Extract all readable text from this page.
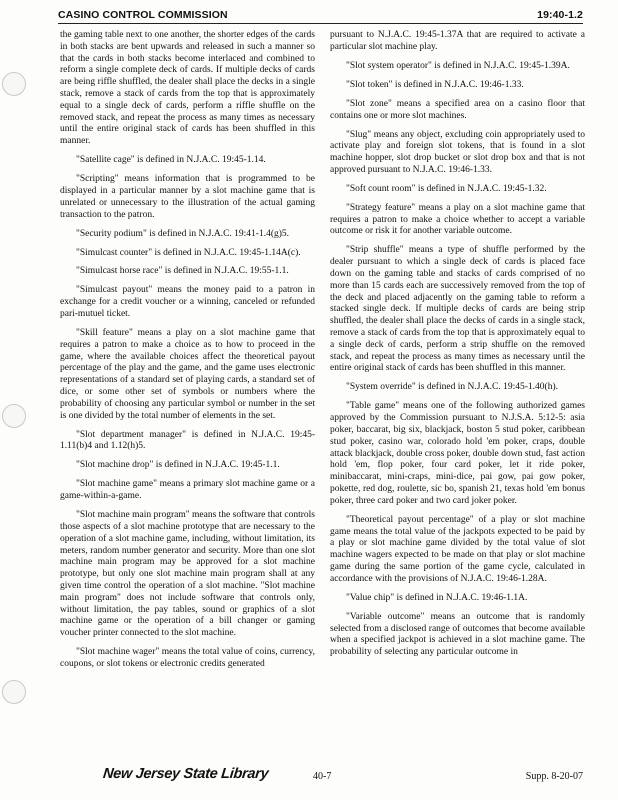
CASINO CONTROL COMMISSION	19:40-1.2

the gaming table next to one another, the shorter edges of the cards in both stacks are bent upwards and released in such a manner so that the cards in both stacks become interlaced and combined to reform a single complete deck of cards. If multiple decks of cards are being riffle shuffled, the dealer shall place the decks in a single stack, remove a stack of cards from the top that is approximately equal to a single deck of cards, perform a riffle shuffle on the removed stack, and repeat the process as many times as necessary until the entire original stack of cards has been shuffled in this manner.

"Satellite cage" is defined in N.J.A.C. 19:45-1.14.

"Scripting" means information that is programmed to be displayed in a particular manner by a slot machine game that is unrelated or unnecessary to the illustration of the actual gaming transaction to the patron.

"Security podium" is defined in N.J.A.C. 19:41-1.4(g)5.

"Simulcast counter" is defined in N.J.A.C. 19:45-1.14A(c).

"Simulcast horse race" is defined in N.J.A.C. 19:55-1.1.

"Simulcast payout" means the money paid to a patron in exchange for a credit voucher or a winning, canceled or refunded pari-mutuel ticket.

"Skill feature" means a play on a slot machine game that requires a patron to make a choice as to how to proceed in the game, where the available choices affect the theoretical payout percentage of the play and the game, and the game uses electronic representations of a standard set of playing cards, a standard set of dice, or some other set of symbols or numbers where the probability of choosing any particular symbol or number in the set is one divided by the total number of elements in the set.

"Slot department manager" is defined in N.J.A.C. 19:45-1.11(b)4 and 1.12(h)5.

"Slot machine drop" is defined in N.J.A.C. 19:45-1.1.

"Slot machine game" means a primary slot machine game or a game-within-a-game.

"Slot machine main program" means the software that controls those aspects of a slot machine prototype that are necessary to the operation of a slot machine game, including, without limitation, its meters, random number generator and security. More than one slot machine main program may be approved for a slot machine prototype, but only one slot machine main program shall at any given time control the operation of a slot machine. "Slot machine main program" does not include software that controls only, without limitation, the pay tables, sound or graphics of a slot machine game or the operation of a bill changer or gaming voucher printer connected to the slot machine.

"Slot machine wager" means the total value of coins, currency, coupons, or slot tokens or electronic credits generated

pursuant to N.J.A.C. 19:45-1.37A that are required to activate a particular slot machine play.

"Slot system operator" is defined in N.J.A.C. 19:45-1.39A.

"Slot token" is defined in N.J.A.C. 19:46-1.33.

"Slot zone" means a specified area on a casino floor that contains one or more slot machines.

"Slug" means any object, excluding coin appropriately used to activate play and foreign slot tokens, that is found in a slot machine hopper, slot drop bucket or slot drop box and that is not approved pursuant to N.J.A.C. 19:46-1.33.

"Soft count room" is defined in N.J.A.C. 19:45-1.32.

"Strategy feature" means a play on a slot machine game that requires a patron to make a choice whether to accept a variable outcome or risk it for another variable outcome.

"Strip shuffle" means a type of shuffle performed by the dealer pursuant to which a single deck of cards is placed face down on the gaming table and stacks of cards comprised of no more than 15 cards each are successively removed from the top of the deck and placed adjacently on the gaming table to reform a stacked single deck. If multiple decks of cards are being strip shuffled, the dealer shall place the decks of cards in a single stack, remove a stack of cards from the top that is approximately equal to a single deck of cards, perform a strip shuffle on the removed stack, and repeat the process as many times as necessary until the entire original stack of cards has been shuffled in this manner.

"System override" is defined in N.J.A.C. 19:45-1.40(h).

"Table game" means one of the following authorized games approved by the Commission pursuant to N.J.S.A. 5:12-5: asia poker, baccarat, big six, blackjack, boston 5 stud poker, caribbean stud poker, casino war, colorado hold 'em poker, craps, double attack blackjack, double cross poker, double down stud, fast action hold 'em, flop poker, four card poker, let it ride poker, minibaccarat, mini-craps, mini-dice, pai gow, pai gow poker, pokette, red dog, roulette, sic bo, spanish 21, texas hold 'em bonus poker, three card poker and two card joker poker.

"Theoretical payout percentage" of a play or slot machine game means the total value of the jackpots expected to be paid by a play or slot machine game divided by the total value of slot machine wagers expected to be made on that play or slot machine game during the same portion of the game cycle, calculated in accordance with the provisions of N.J.A.C. 19:46-1.28A.

"Value chip" is defined in N.J.A.C. 19:46-1.1A.

"Variable outcome" means an outcome that is randomly selected from a disclosed range of outcomes that become available when a specified jackpot is achieved in a slot machine game. The probability of selecting any particular outcome in

New Jersey State Library	40-7	Supp. 8-20-07
